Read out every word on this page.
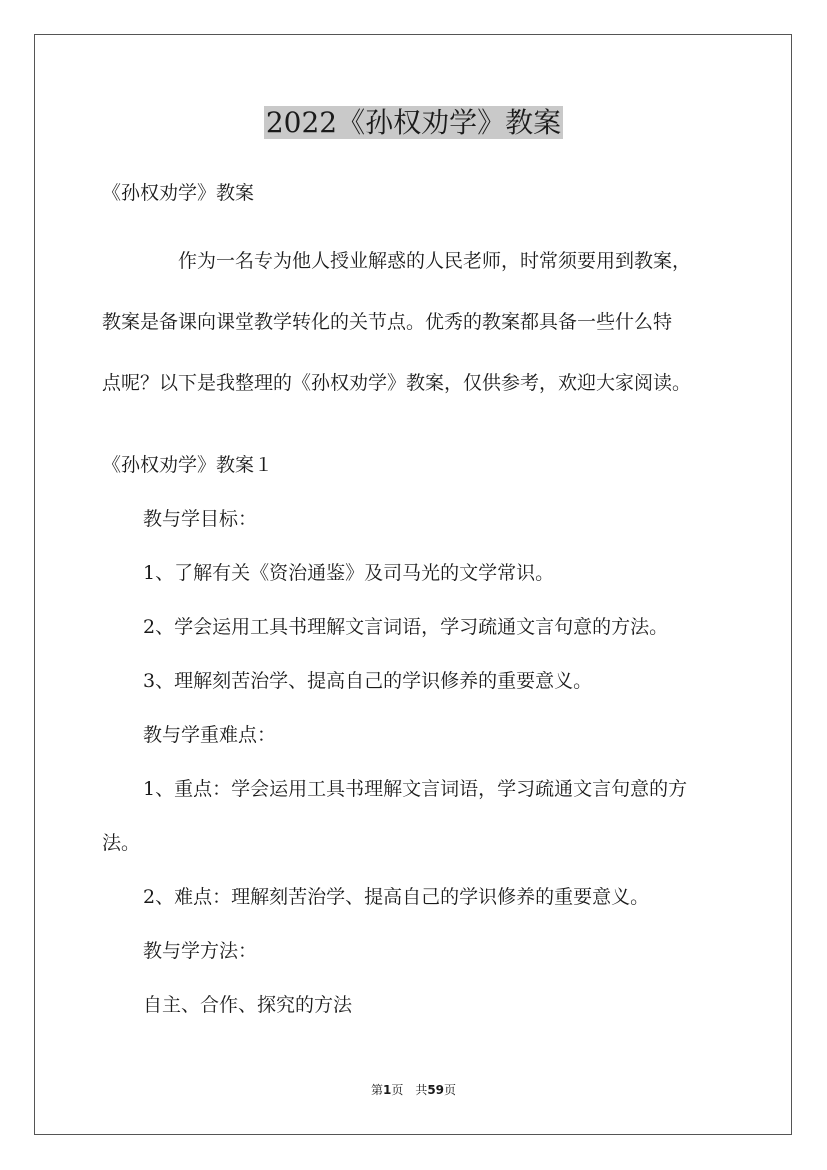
2022《孙权劝学》教案

《孙权劝学》教案

　　　　作为一名专为他人授业解惑的人民老师，时常须要用到教案，
教案是备课向课堂教学转化的关节点。优秀的教案都具备一些什么特
点呢？以下是我整理的《孙权劝学》教案，仅供参考，欢迎大家阅读。

《孙权劝学》教案１

教与学目标：

1、了解有关《资治通鉴》及司马光的文学常识。

2、学会运用工具书理解文言词语，学习疏通文言句意的方法。

3、理解刻苦治学、提高自己的学识修养的重要意义。

教与学重难点：

1、重点：学会运用工具书理解文言词语，学习疏通文言句意的方

法。

2、难点：理解刻苦治学、提高自己的学识修养的重要意义。

教与学方法：

自主、合作、探究的方法

第1页　共59页
